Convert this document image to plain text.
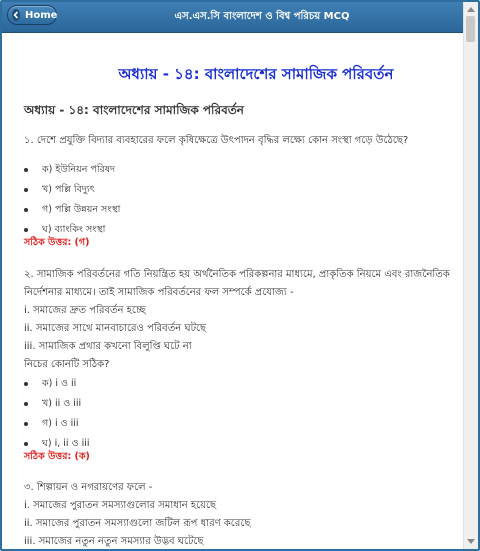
Home	এস.এস.সি বাংলাদেশ ও বিশ্ব পরিচয় MCQ
অধ্যায় - ১৪: বাংলাদেশের সামাজিক পরিবর্তন
অধ্যায় - ১৪: বাংলাদেশের সামাজিক পরিবর্তন
১. দেশে প্রযুক্তি বিদ্যার ব্যবহারের ফলে কৃষিক্ষেত্রে উৎপাদন বৃদ্ধির লক্ষ্যে কোন সংস্থা গড়ে উঠেছে?
ক) ইউনিয়ন পরিষদ
খ) পল্লি বিদ্যুৎ
গ) পল্লি উন্নয়ন সংস্থা
ঘ) ব্যাংকিং সংস্থা
সঠিক উত্তর: (গ)
২. সামাজিক পরিবর্তনের গতি নিয়ন্ত্রিত হয় অর্থনৈতিক পরিকল্পনার মাধ্যমে, প্রাকৃতিক নিয়মে এবং রাজনৈতিক
নির্দেশনার মাধ্যমে। তাই সামাজিক পরিবর্তনের ফল সম্পর্কে প্রযোজ্য -
i. সমাজের দ্রুত পরিবর্তন হচ্ছে
ii. সমাজের সাথে মানবাচারেও পরিবর্তন ঘটছে
iii. সামাজিক প্রথার কখনো বিলুপ্তি ঘটে না
নিচের কোনটি সঠিক?
ক) i ও ii
খ) ii ও iii
গ) i ও iii
ঘ) i, ii ও iii
সঠিক উত্তর: (ক)
৩. শিল্পায়ন ও নগরায়ণের ফলে -
i. সমাজের পুরাতন সমস্যাগুলোর সমাধান হয়েছে
ii. সমাজের পুরাতন সমস্যাগুলো জটিল রূপ ধারণ করেছে
iii. সমাজের নতুন নতুন সমস্যার উদ্ভব ঘটেছে
